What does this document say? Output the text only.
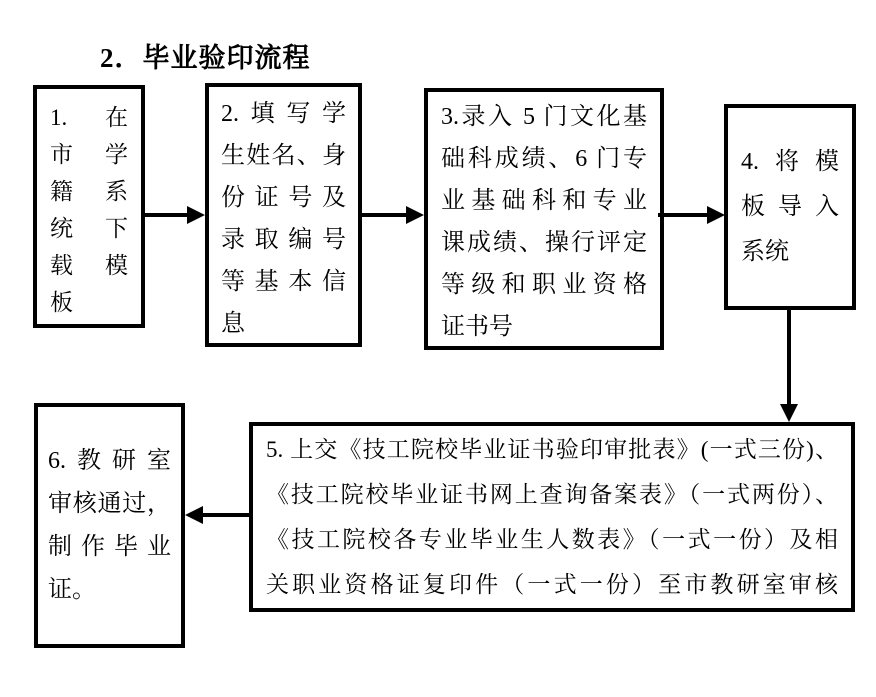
2．毕业验印流程
1.在
市学
籍系
统下
载模
板
2.填写学
生姓名、身
份证号及
录取编号
等基本信
息
3.录入 5 门文化基
础科成绩、6 门专
业基础科和专业
课成绩、操行评定
等级和职业资格
证书号
4.将模
板导入
系统
5. 上交《技工院校毕业证书验印审批表》(一式三份)、
《技工院校毕业证书网上查询备案表》（一式两份）、
《技工院校各专业毕业生人数表》（一式一份）及相
关职业资格证复印件（一式一份）至市教研室审核
6.教研室
审核通过，
制作毕业
证。
